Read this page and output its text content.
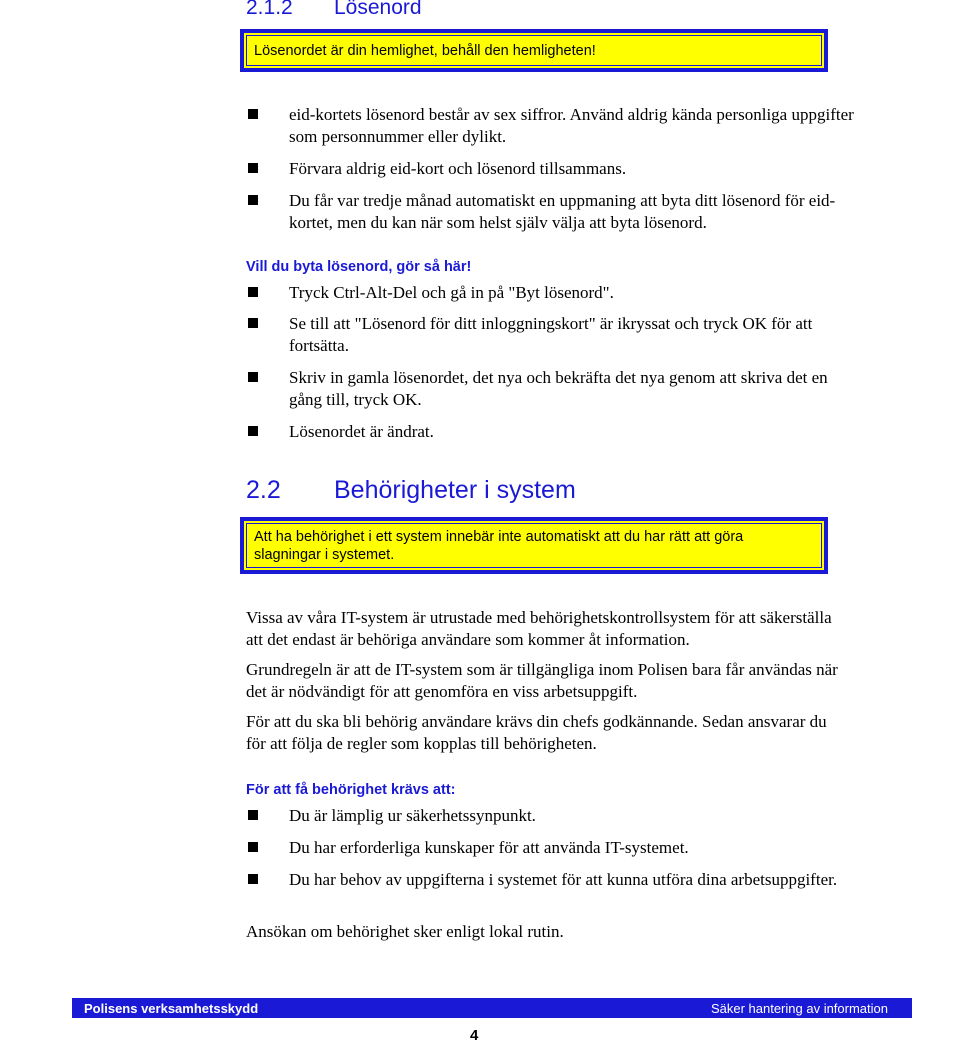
2.1.2 Lösenord
Lösenordet är din hemlighet, behåll den hemligheten!
eid-kortets lösenord består av sex siffror. Använd aldrig kända personliga uppgifter som personnummer eller dylikt.
Förvara aldrig eid-kort och lösenord tillsammans.
Du får var tredje månad automatiskt en uppmaning att byta ditt lösenord för eid-kortet, men du kan när som helst själv välja att byta lösenord.
Vill du byta lösenord, gör så här!
Tryck Ctrl-Alt-Del och gå in på "Byt lösenord".
Se till att "Lösenord för ditt inloggningskort" är ikryssat och tryck OK för att fortsätta.
Skriv in gamla lösenordet, det nya och bekräfta det nya genom att skriva det en gång till, tryck OK.
Lösenordet är ändrat.
2.2 Behörigheter i system
Att ha behörighet i ett system innebär inte automatiskt att du har rätt att göra slagningar i systemet.

Vissa av våra IT-system är utrustade med behörighetskontrollsystem för att säkerställa att det endast är behöriga användare som kommer åt information.

Grundregeln är att de IT-system som är tillgängliga inom Polisen bara får användas när det är nödvändigt för att genomföra en viss arbetsuppgift.

För att du ska bli behörig användare krävs din chefs godkännande. Sedan ansvarar du för att följa de regler som kopplas till behörigheten.

För att få behörighet krävs att:
Du är lämplig ur säkerhetssynpunkt.
Du har erforderliga kunskaper för att använda IT-systemet.
Du har behov av uppgifterna i systemet för att kunna utföra dina arbetsuppgifter.

Ansökan om behörighet sker enligt lokal rutin.

Polisens verksamhetsskydd	Säker hantering av information
4
